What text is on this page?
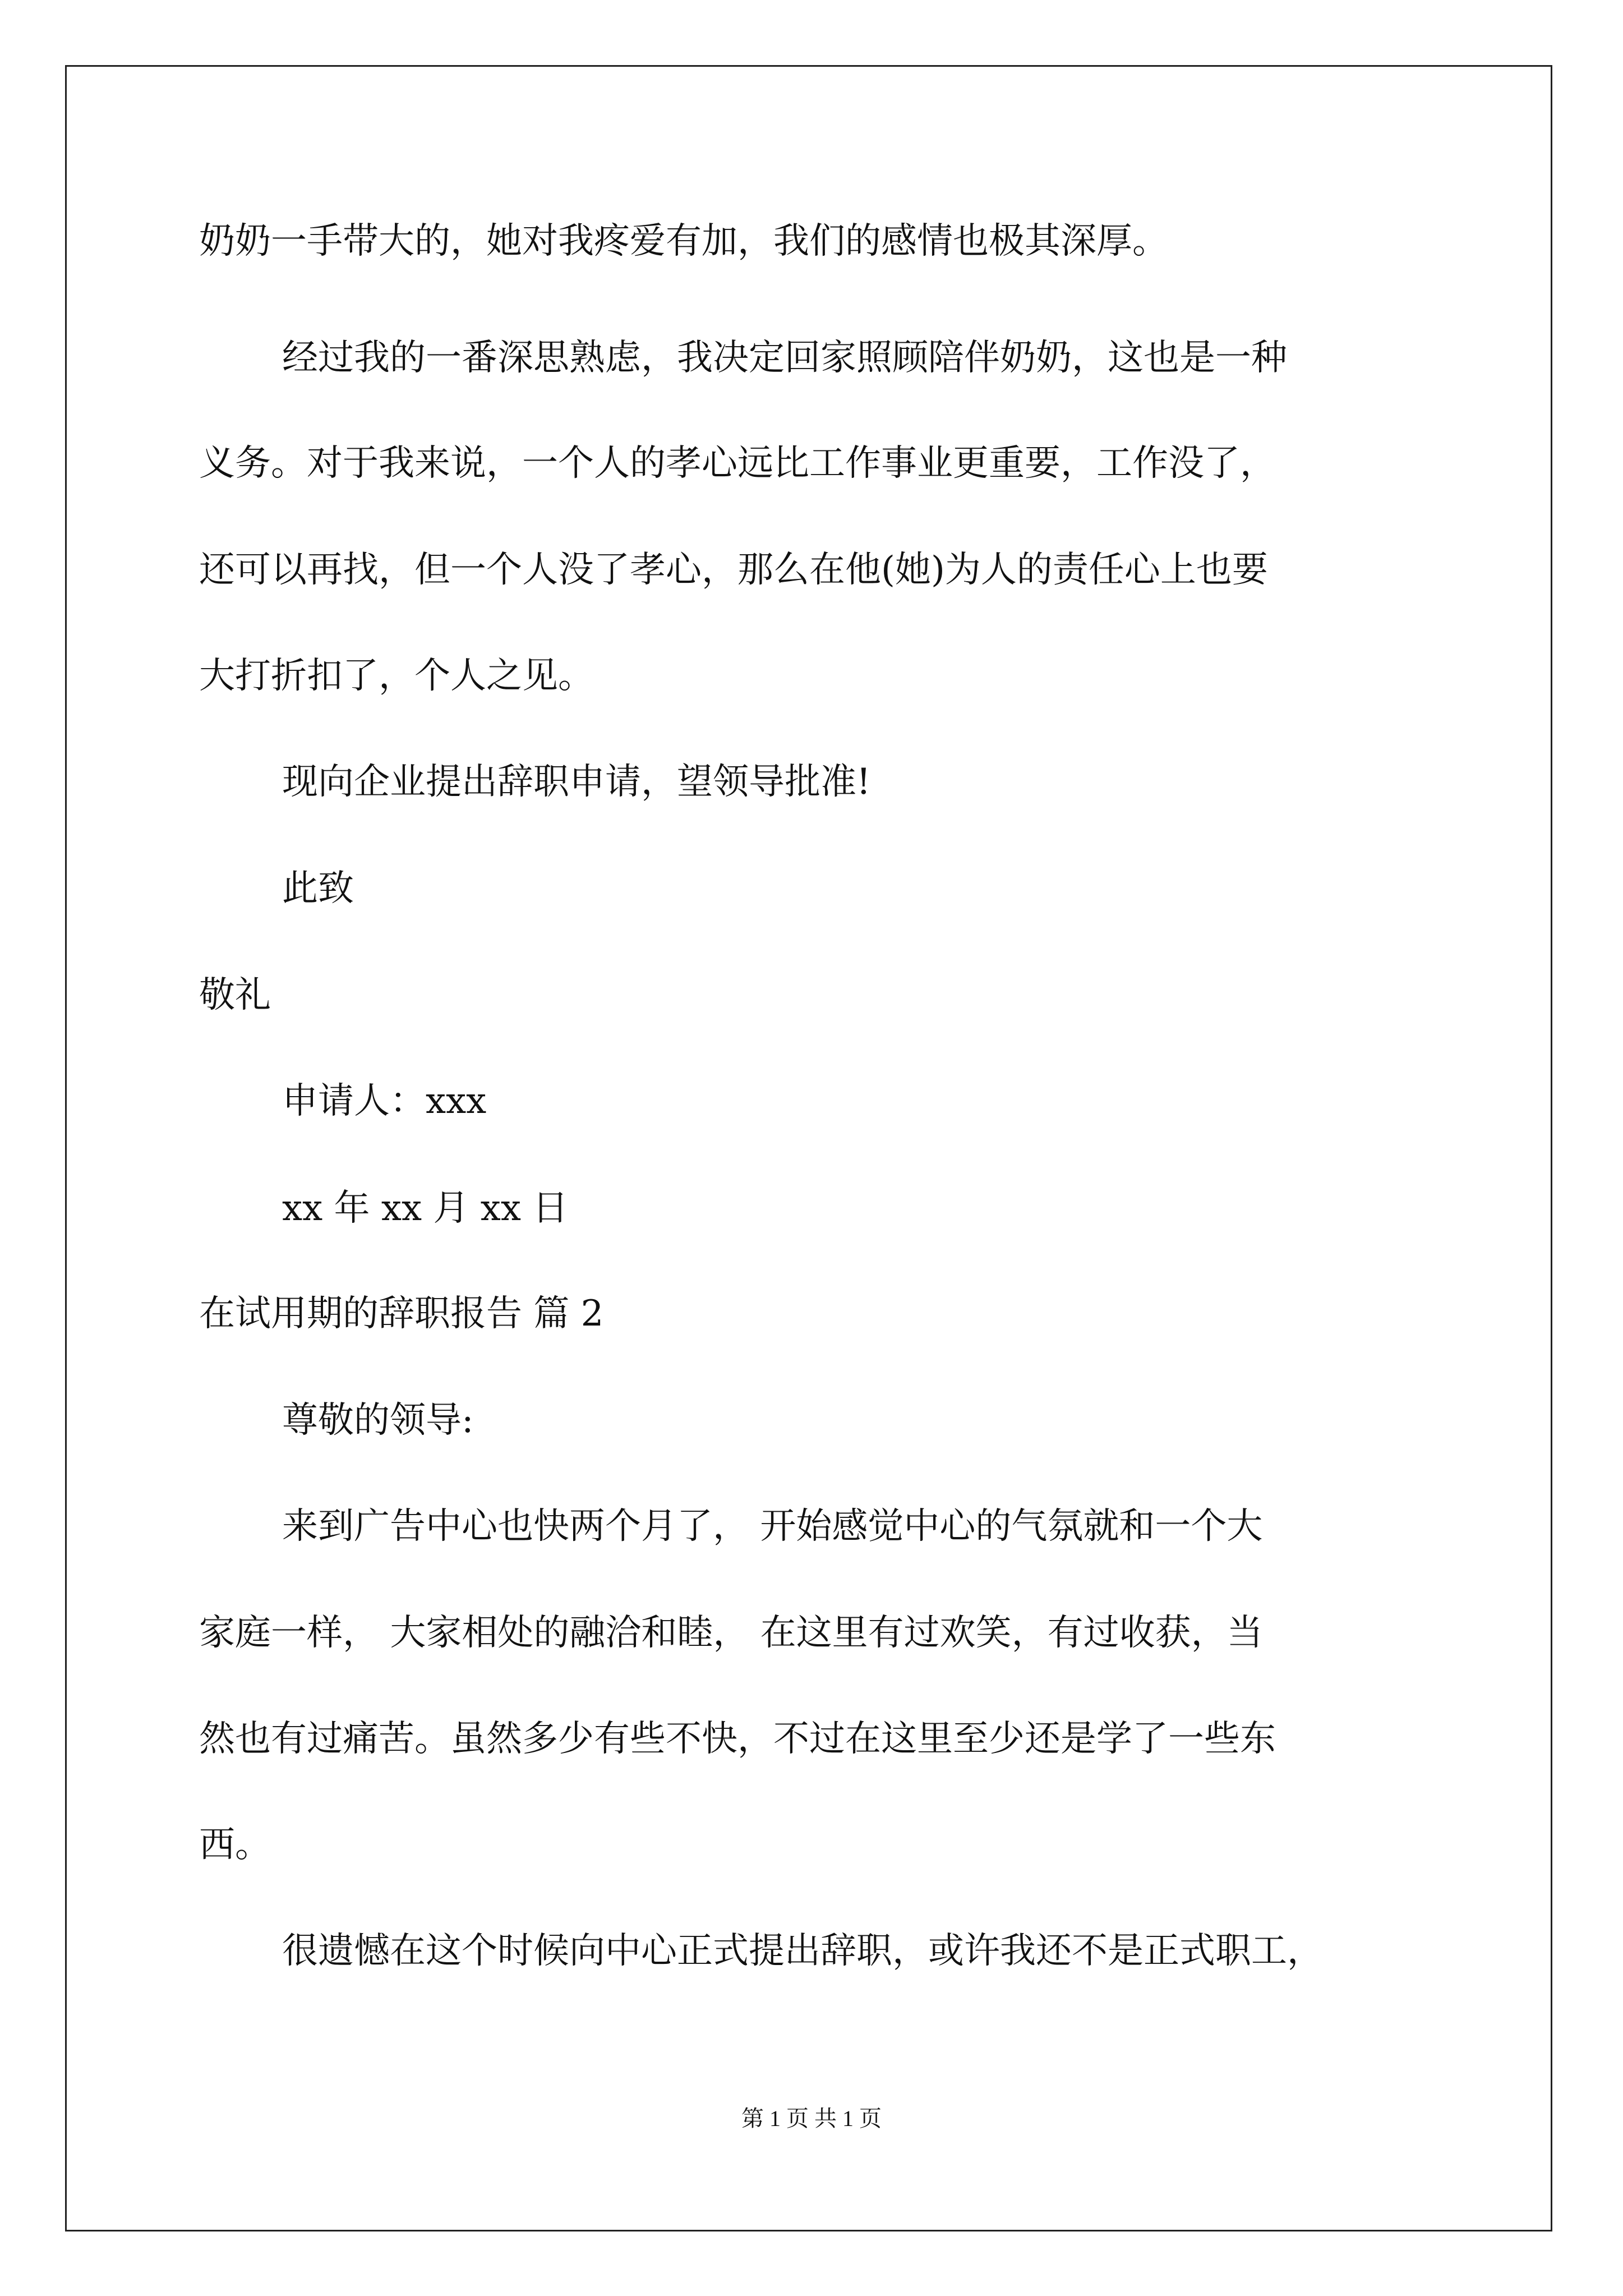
奶奶一手带大的，她对我疼爱有加，我们的感情也极其深厚。
经过我的一番深思熟虑，我决定回家照顾陪伴奶奶，这也是一种
义务。对于我来说，一个人的孝心远比工作事业更重要，工作没了，
还可以再找，但一个人没了孝心，那么在他(她)为人的责任心上也要
大打折扣了，个人之见。
现向企业提出辞职申请，望领导批准!
此致
敬礼
申请人：xxx
xx 年 xx 月 xx 日
在试用期的辞职报告 篇 2
尊敬的领导:
来到广告中心也快两个月了， 开始感觉中心的气氛就和一个大
家庭一样， 大家相处的融洽和睦， 在这里有过欢笑，有过收获，当
然也有过痛苦。虽然多少有些不快，不过在这里至少还是学了一些东
西。
很遗憾在这个时候向中心正式提出辞职，或许我还不是正式职工，
第 1 页 共 1 页
